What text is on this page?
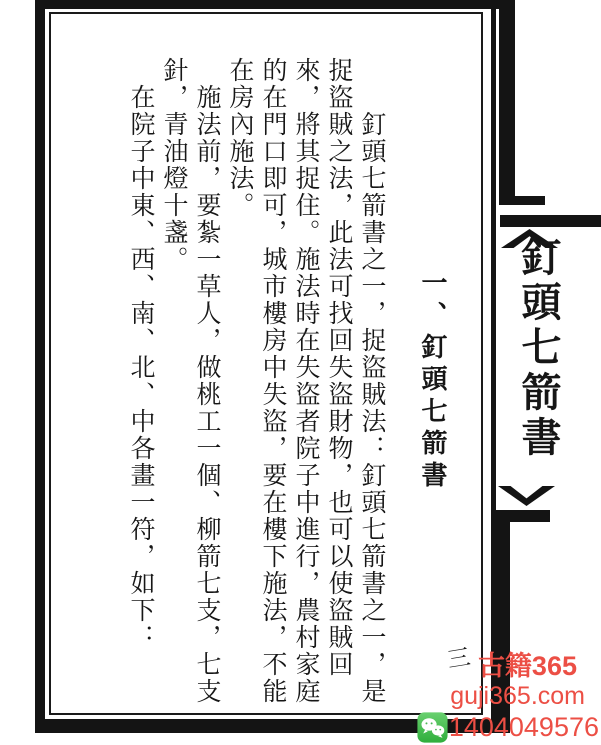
一、釘頭七箭書

釘頭七箭書之一，捉盜賊法：釘頭七箭書之一，是捉盜賊之法，此法可找回失盜財物，也可以使盜賊回來，將其捉住。施法時在失盜者院子中進行，農村家庭的在門口即可，城市樓房中失盜，要在樓下施法，不能在房內施法。

施法前，要紮一草人，做桃工一個、柳箭七支，七支針，青油燈十盞。

在院子中東、西、南、北、中各畫一符，如下：

三
釘頭七箭書
古籍365
guji365.com
1404049576
